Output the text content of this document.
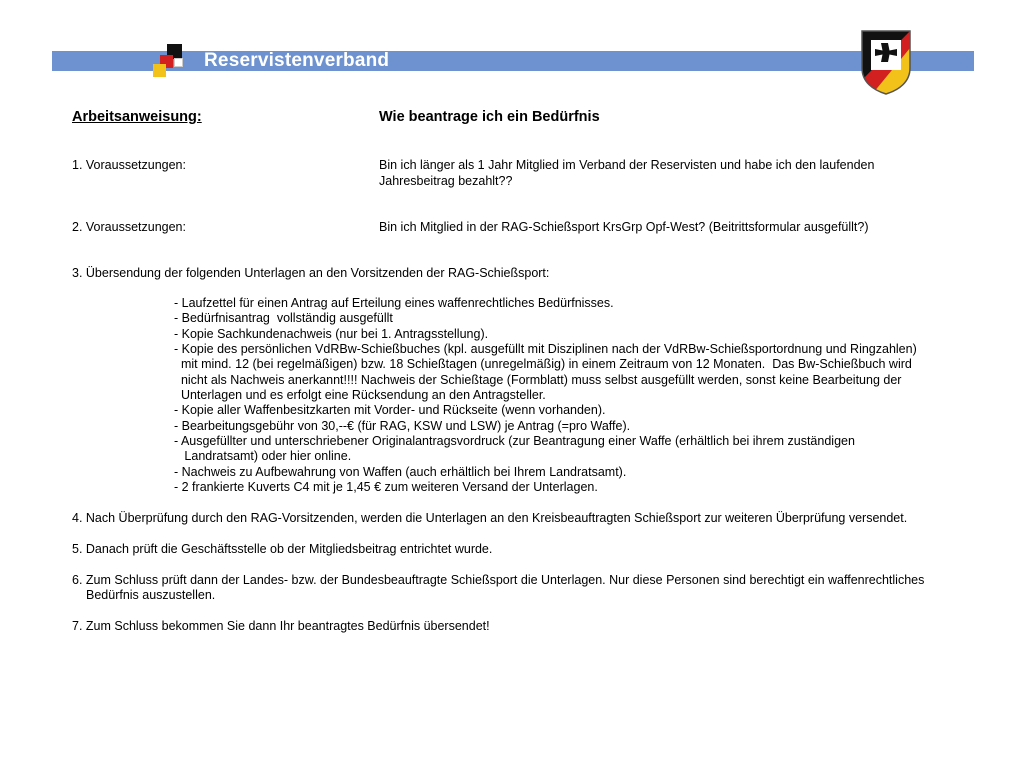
Reservistenverband
Arbeitsanweisung:	Wie beantrage ich ein Bedürfnis
1. Voraussetzungen:	Bin ich länger als 1 Jahr Mitglied im Verband der Reservisten und habe ich den laufenden
Jahresbeitrag bezahlt??
2. Voraussetzungen:	Bin ich Mitglied in der RAG-Schießsport KrsGrp Opf-West? (Beitrittsformular ausgefüllt?)
3. Übersendung der folgenden Unterlagen an den Vorsitzenden der RAG-Schießsport:
- Laufzettel für einen Antrag auf Erteilung eines waffenrechtliches Bedürfnisses.
- Bedürfnisantrag  vollständig ausgefüllt
- Kopie Sachkundenachweis (nur bei 1. Antragsstellung).
- Kopie des persönlichen VdRBw-Schießbuches (kpl. ausgefüllt mit Disziplinen nach der VdRBw-Schießsportordnung und Ringzahlen)
mit mind. 12 (bei regelmäßigen) bzw. 18 Schießtagen (unregelmäßig) in einem Zeitraum von 12 Monaten.  Das Bw-Schießbuch wird
nicht als Nachweis anerkannt!!!! Nachweis der Schießtage (Formblatt) muss selbst ausgefüllt werden, sonst keine Bearbeitung der
Unterlagen und es erfolgt eine Rücksendung an den Antragsteller.
- Kopie aller Waffenbesitzkarten mit Vorder- und Rückseite (wenn vorhanden).
- Bearbeitungsgebühr von 30,--€ (für RAG, KSW und LSW) je Antrag (=pro Waffe).
- Ausgefüllter und unterschriebener Originalantragsvordruck (zur Beantragung einer Waffe (erhältlich bei ihrem zuständigen
Landratsamt) oder hier online.
- Nachweis zu Aufbewahrung von Waffen (auch erhältlich bei Ihrem Landratsamt).
- 2 frankierte Kuverts C4 mit je 1,45 € zum weiteren Versand der Unterlagen.
4. Nach Überprüfung durch den RAG-Vorsitzenden, werden die Unterlagen an den Kreisbeauftragten Schießsport zur weiteren Überprüfung versendet.
5. Danach prüft die Geschäftsstelle ob der Mitgliedsbeitrag entrichtet wurde.
6. Zum Schluss prüft dann der Landes- bzw. der Bundesbeauftragte Schießsport die Unterlagen. Nur diese Personen sind berechtigt ein waffenrechtliches
Bedürfnis auszustellen.
7. Zum Schluss bekommen Sie dann Ihr beantragtes Bedürfnis übersendet!
